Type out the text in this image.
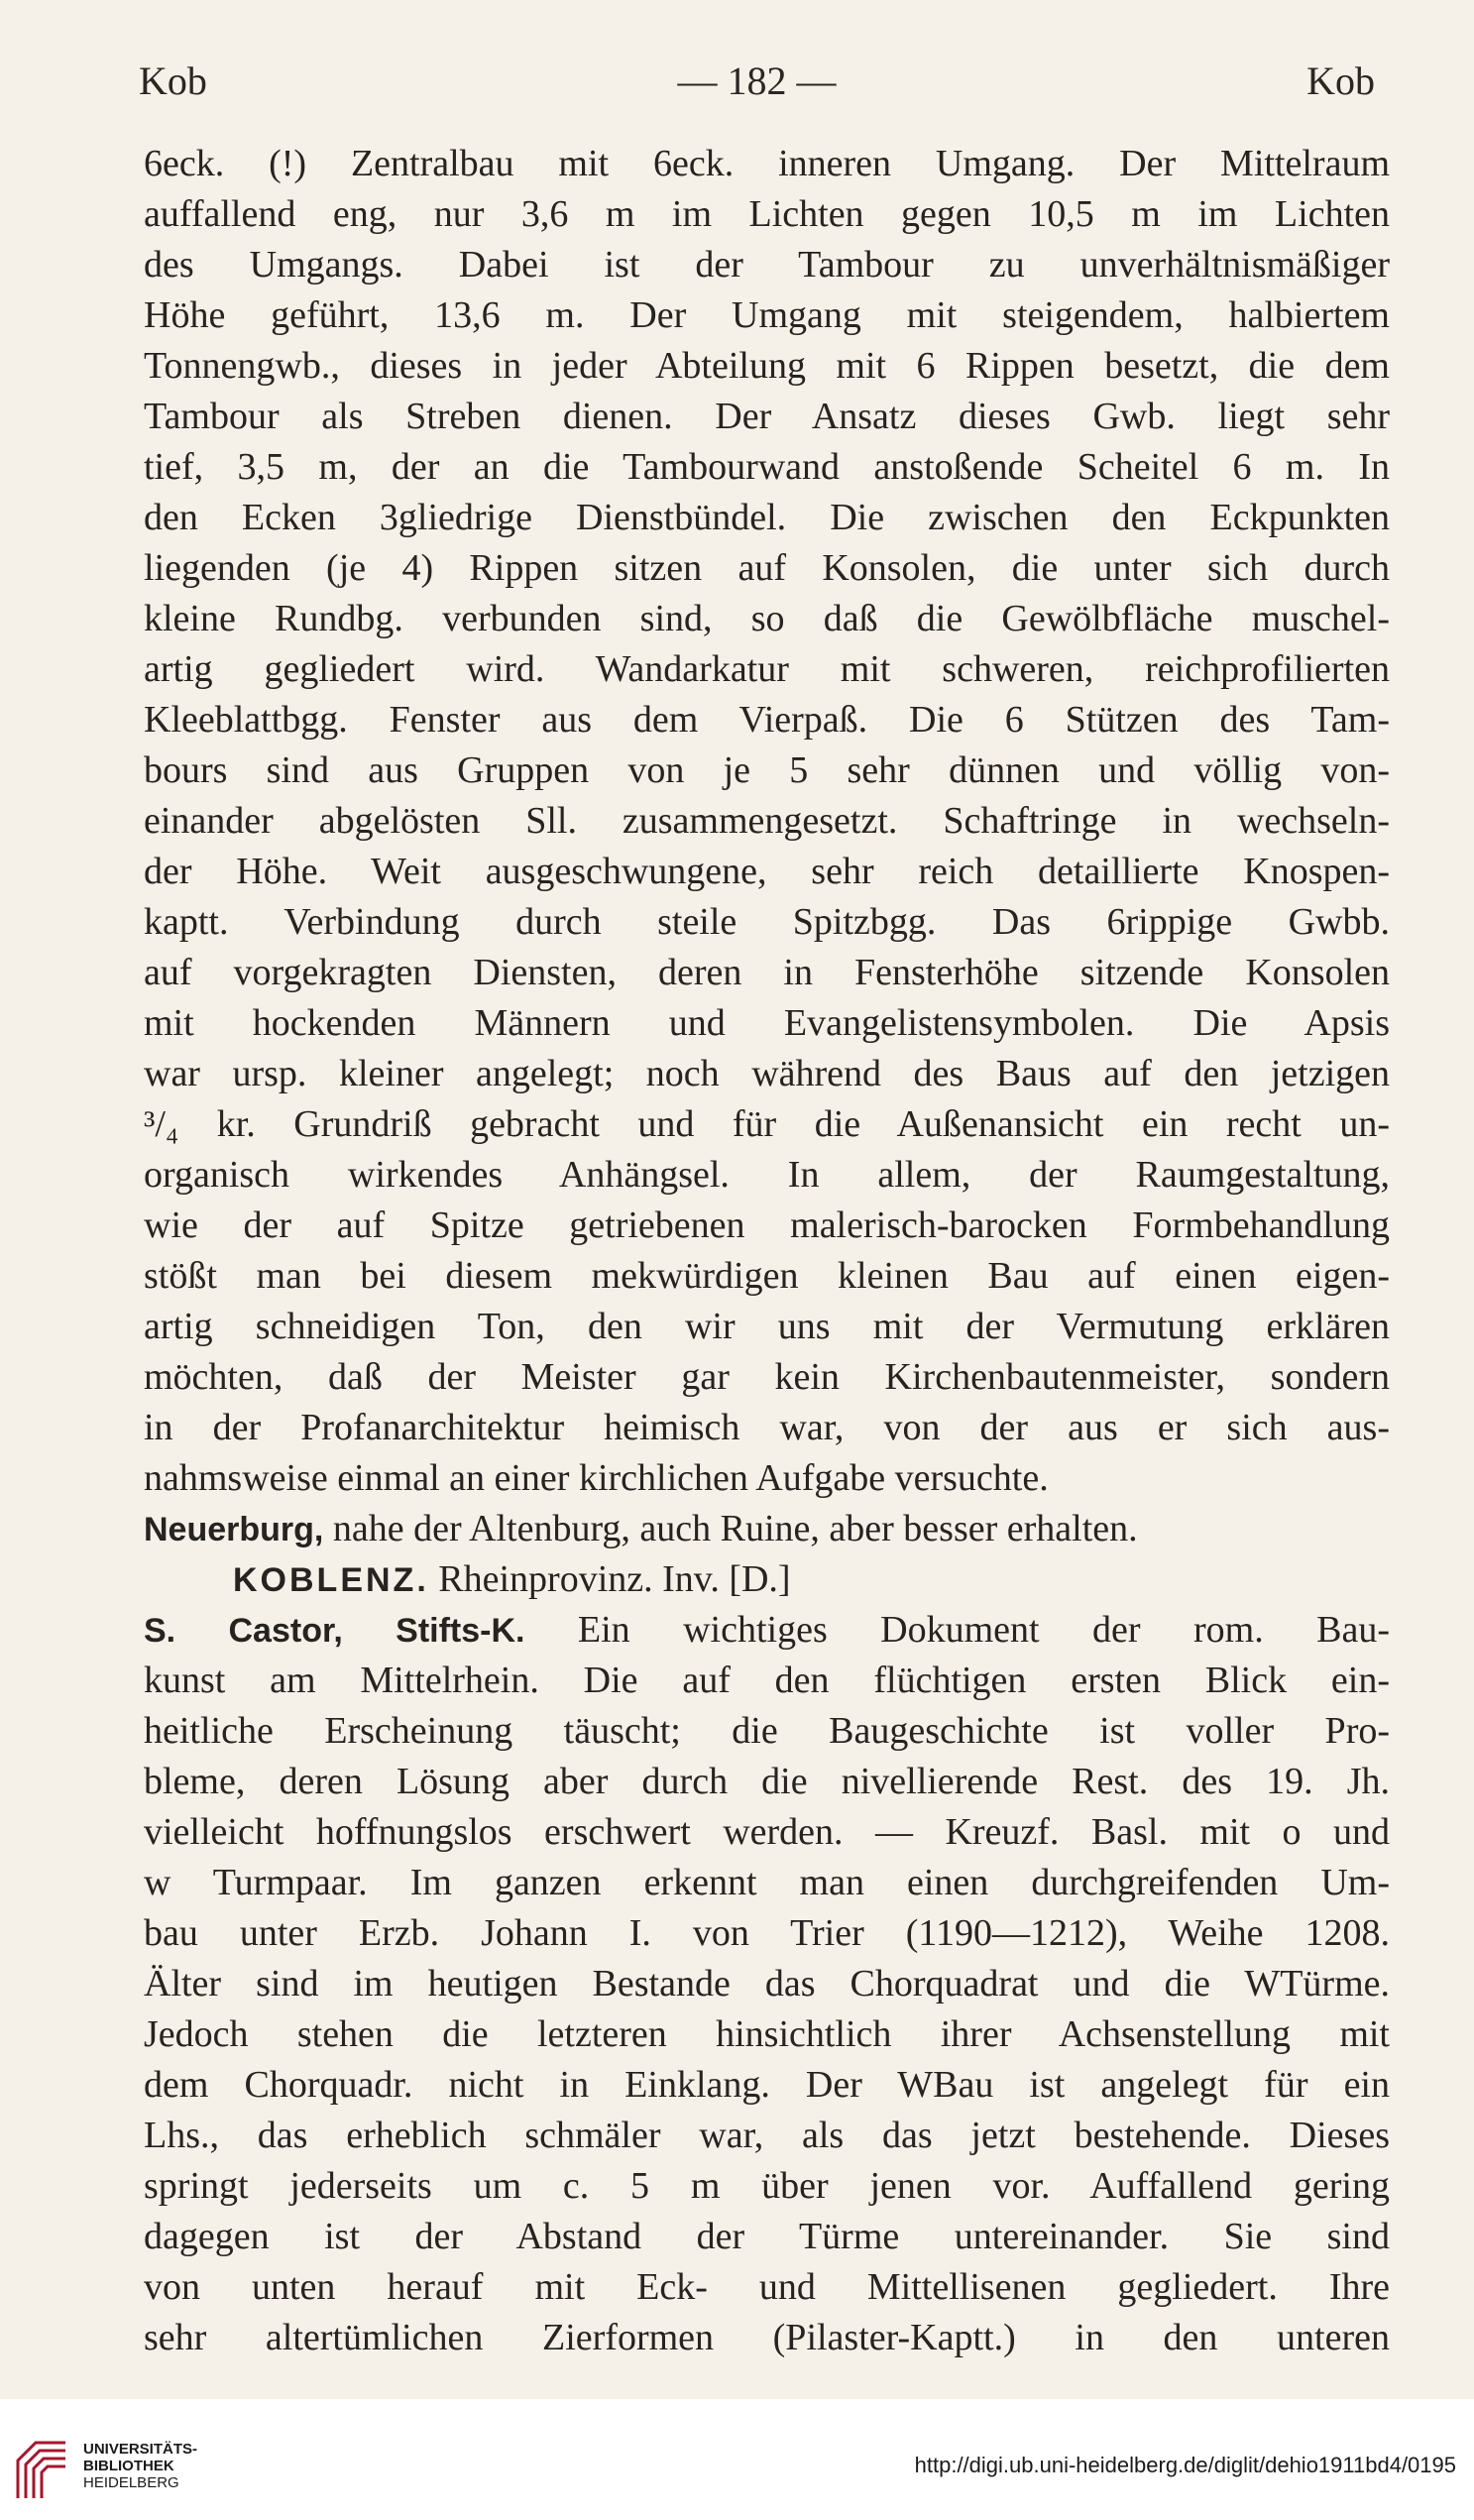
Kob	— 182 —	Kob
6eck. (!) Zentralbau mit 6eck. inneren Umgang. Der Mittelraum
auffallend eng, nur 3,6 m im Lichten gegen 10,5 m im Lichten
des Umgangs. Dabei ist der Tambour zu unverhältnismäßiger
Höhe geführt, 13,6 m. Der Umgang mit steigendem, halbiertem
Tonnengwb., dieses in jeder Abteilung mit 6 Rippen besetzt, die dem
Tambour als Streben dienen. Der Ansatz dieses Gwb. liegt sehr
tief, 3,5 m, der an die Tambourwand anstoßende Scheitel 6 m. In
den Ecken 3gliedrige Dienstbündel. Die zwischen den Eckpunkten
liegenden (je 4) Rippen sitzen auf Konsolen, die unter sich durch
kleine Rundbg. verbunden sind, so daß die Gewölbfläche muschel-
artig gegliedert wird. Wandarkatur mit schweren, reichprofilierten
Kleeblattbgg. Fenster aus dem Vierpaß. Die 6 Stützen des Tam-
bours sind aus Gruppen von je 5 sehr dünnen und völlig von-
einander abgelösten Sll. zusammengesetzt. Schaftringe in wechseln-
der Höhe. Weit ausgeschwungene, sehr reich detaillierte Knospen-
kaptt. Verbindung durch steile Spitzbgg. Das 6rippige Gwbb.
auf vorgekragten Diensten, deren in Fensterhöhe sitzende Konsolen
mit hockenden Männern und Evangelistensymbolen. Die Apsis
war ursp. kleiner angelegt; noch während des Baus auf den jetzigen
³/₄ kr. Grundriß gebracht und für die Außenansicht ein recht un-
organisch wirkendes Anhängsel. In allem, der Raumgestaltung,
wie der auf Spitze getriebenen malerisch-barocken Formbehandlung
stößt man bei diesem mekwürdigen kleinen Bau auf einen eigen-
artig schneidigen Ton, den wir uns mit der Vermutung erklären
möchten, daß der Meister gar kein Kirchenbautenmeister, sondern
in der Profanarchitektur heimisch war, von der aus er sich aus-
nahmsweise einmal an einer kirchlichen Aufgabe versuchte.
Neuerburg, nahe der Altenburg, auch Ruine, aber besser erhalten.
KOBLENZ. Rheinprovinz. Inv. [D.]
S. Castor, Stifts-K. Ein wichtiges Dokument der rom. Bau-
kunst am Mittelrhein. Die auf den flüchtigen ersten Blick ein-
heitliche Erscheinung täuscht; die Baugeschichte ist voller Pro-
bleme, deren Lösung aber durch die nivellierende Rest. des 19. Jh.
vielleicht hoffnungslos erschwert werden. — Kreuzf. Basl. mit o und
w Turmpaar. Im ganzen erkennt man einen durchgreifenden Um-
bau unter Erzb. Johann I. von Trier (1190—1212), Weihe 1208.
Älter sind im heutigen Bestande das Chorquadrat und die WTürme.
Jedoch stehen die letzteren hinsichtlich ihrer Achsenstellung mit
dem Chorquadr. nicht in Einklang. Der WBau ist angelegt für ein
Lhs., das erheblich schmäler war, als das jetzt bestehende. Dieses
springt jederseits um c. 5 m über jenen vor. Auffallend gering
dagegen ist der Abstand der Türme untereinander. Sie sind
von unten herauf mit Eck- und Mittellisenen gegliedert. Ihre
sehr altertümlichen Zierformen (Pilaster-Kaptt.) in den unteren
UNIVERSITÄTS-
BIBLIOTHEK
HEIDELBERG
http://digi.ub.uni-heidelberg.de/diglit/dehio1911bd4/0195
